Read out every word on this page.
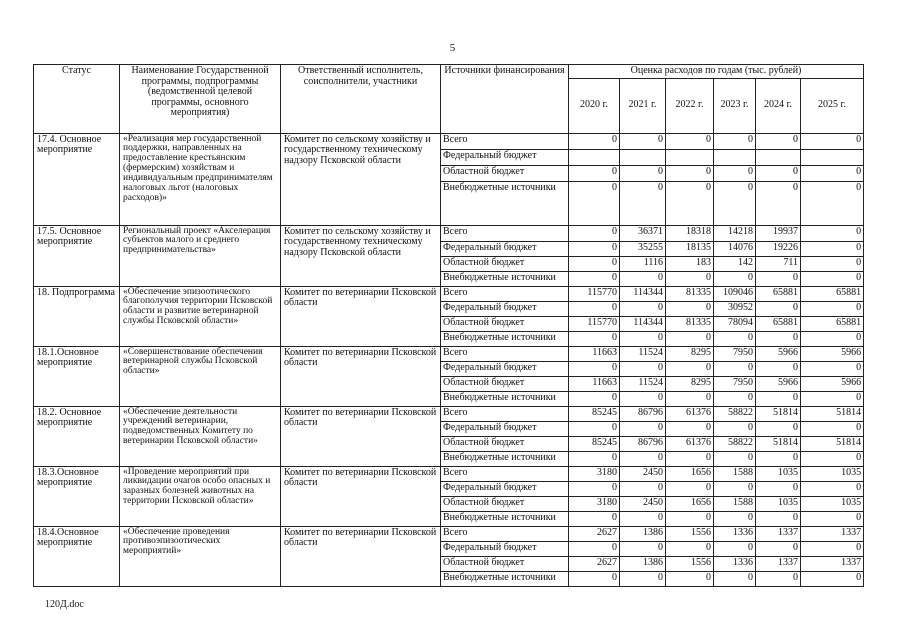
5
Статус	Наименование Государственной программы, подпрограммы (ведомственной целевой программы, основного мероприятия)	Ответственный исполнитель, соисполнители, участники	Источники финансирования	Оценка расходов по годам (тыс. рублей)					
				2020 г.	2021 г.	2022 г.	2023 г.	2024 г.	2025 г.
17.4. Основное мероприятие	«Реализация мер государственной поддержки, направленных на предоставление крестьянским (фермерским) хозяйствам и индивидуальным предпринимателям налоговых льгот (налоговых расходов)»	Комитет по сельскому хозяйству и государственному техническому надзору Псковской области	Всего	0	0	0	0	0	0
			Федеральный бюджет						
			Областной бюджет	0	0	0	0	0	0
			Внебюджетные источники	0	0	0	0	0	0
17.5. Основное мероприятие	Региональный проект «Акселерация субъектов малого и среднего предпринимательства»	Комитет по сельскому хозяйству и государственному техническому надзору Псковской области	Всего	0	36371	18318	14218	19937	0
			Федеральный бюджет	0	35255	18135	14076	19226	0
			Областной бюджет	0	1116	183	142	711	0
			Внебюджетные источники	0	0	0	0	0	0
18. Подпрограмма	«Обеспечение эпизоотического благополучия территории Псковской области и развитие ветеринарной службы Псковской области»	Комитет по ветеринарии Псковской области	Всего	115770	114344	81335	109046	65881	65881
			Федеральный бюджет	0	0	0	30952	0	0
			Областной бюджет	115770	114344	81335	78094	65881	65881
			Внебюджетные источники	0	0	0	0	0	0
18.1.Основное мероприятие	«Совершенствование обеспечения ветеринарной службы Псковской области»	Комитет по ветеринарии Псковской области	Всего	11663	11524	8295	7950	5966	5966
			Федеральный бюджет	0	0	0	0	0	0
			Областной бюджет	11663	11524	8295	7950	5966	5966
			Внебюджетные источники	0	0	0	0	0	0
18.2. Основное мероприятие	«Обеспечение деятельности учреждений ветеринарии, подведомственных Комитету по ветеринарии Псковской области»	Комитет по ветеринарии Псковской области	Всего	85245	86796	61376	58822	51814	51814
			Федеральный бюджет	0	0	0	0	0	0
			Областной бюджет	85245	86796	61376	58822	51814	51814
			Внебюджетные источники	0	0	0	0	0	0
18.3.Основное мероприятие	«Проведение мероприятий при ликвидации очагов особо опасных и заразных болезней животных на территории Псковской области»	Комитет по ветеринарии Псковской области	Всего	3180	2450	1656	1588	1035	1035
			Федеральный бюджет	0	0	0	0	0	0
			Областной бюджет	3180	2450	1656	1588	1035	1035
			Внебюджетные источники	0	0	0	0	0	0
18.4.Основное мероприятие	«Обеспечение проведения противоэпизоотических мероприятий»	Комитет по ветеринарии Псковской области	Всего	2627	1386	1556	1336	1337	1337
			Федеральный бюджет	0	0	0	0	0	0
			Областной бюджет	2627	1386	1556	1336	1337	1337
			Внебюджетные источники	0	0	0	0	0	0
120Д.doc
